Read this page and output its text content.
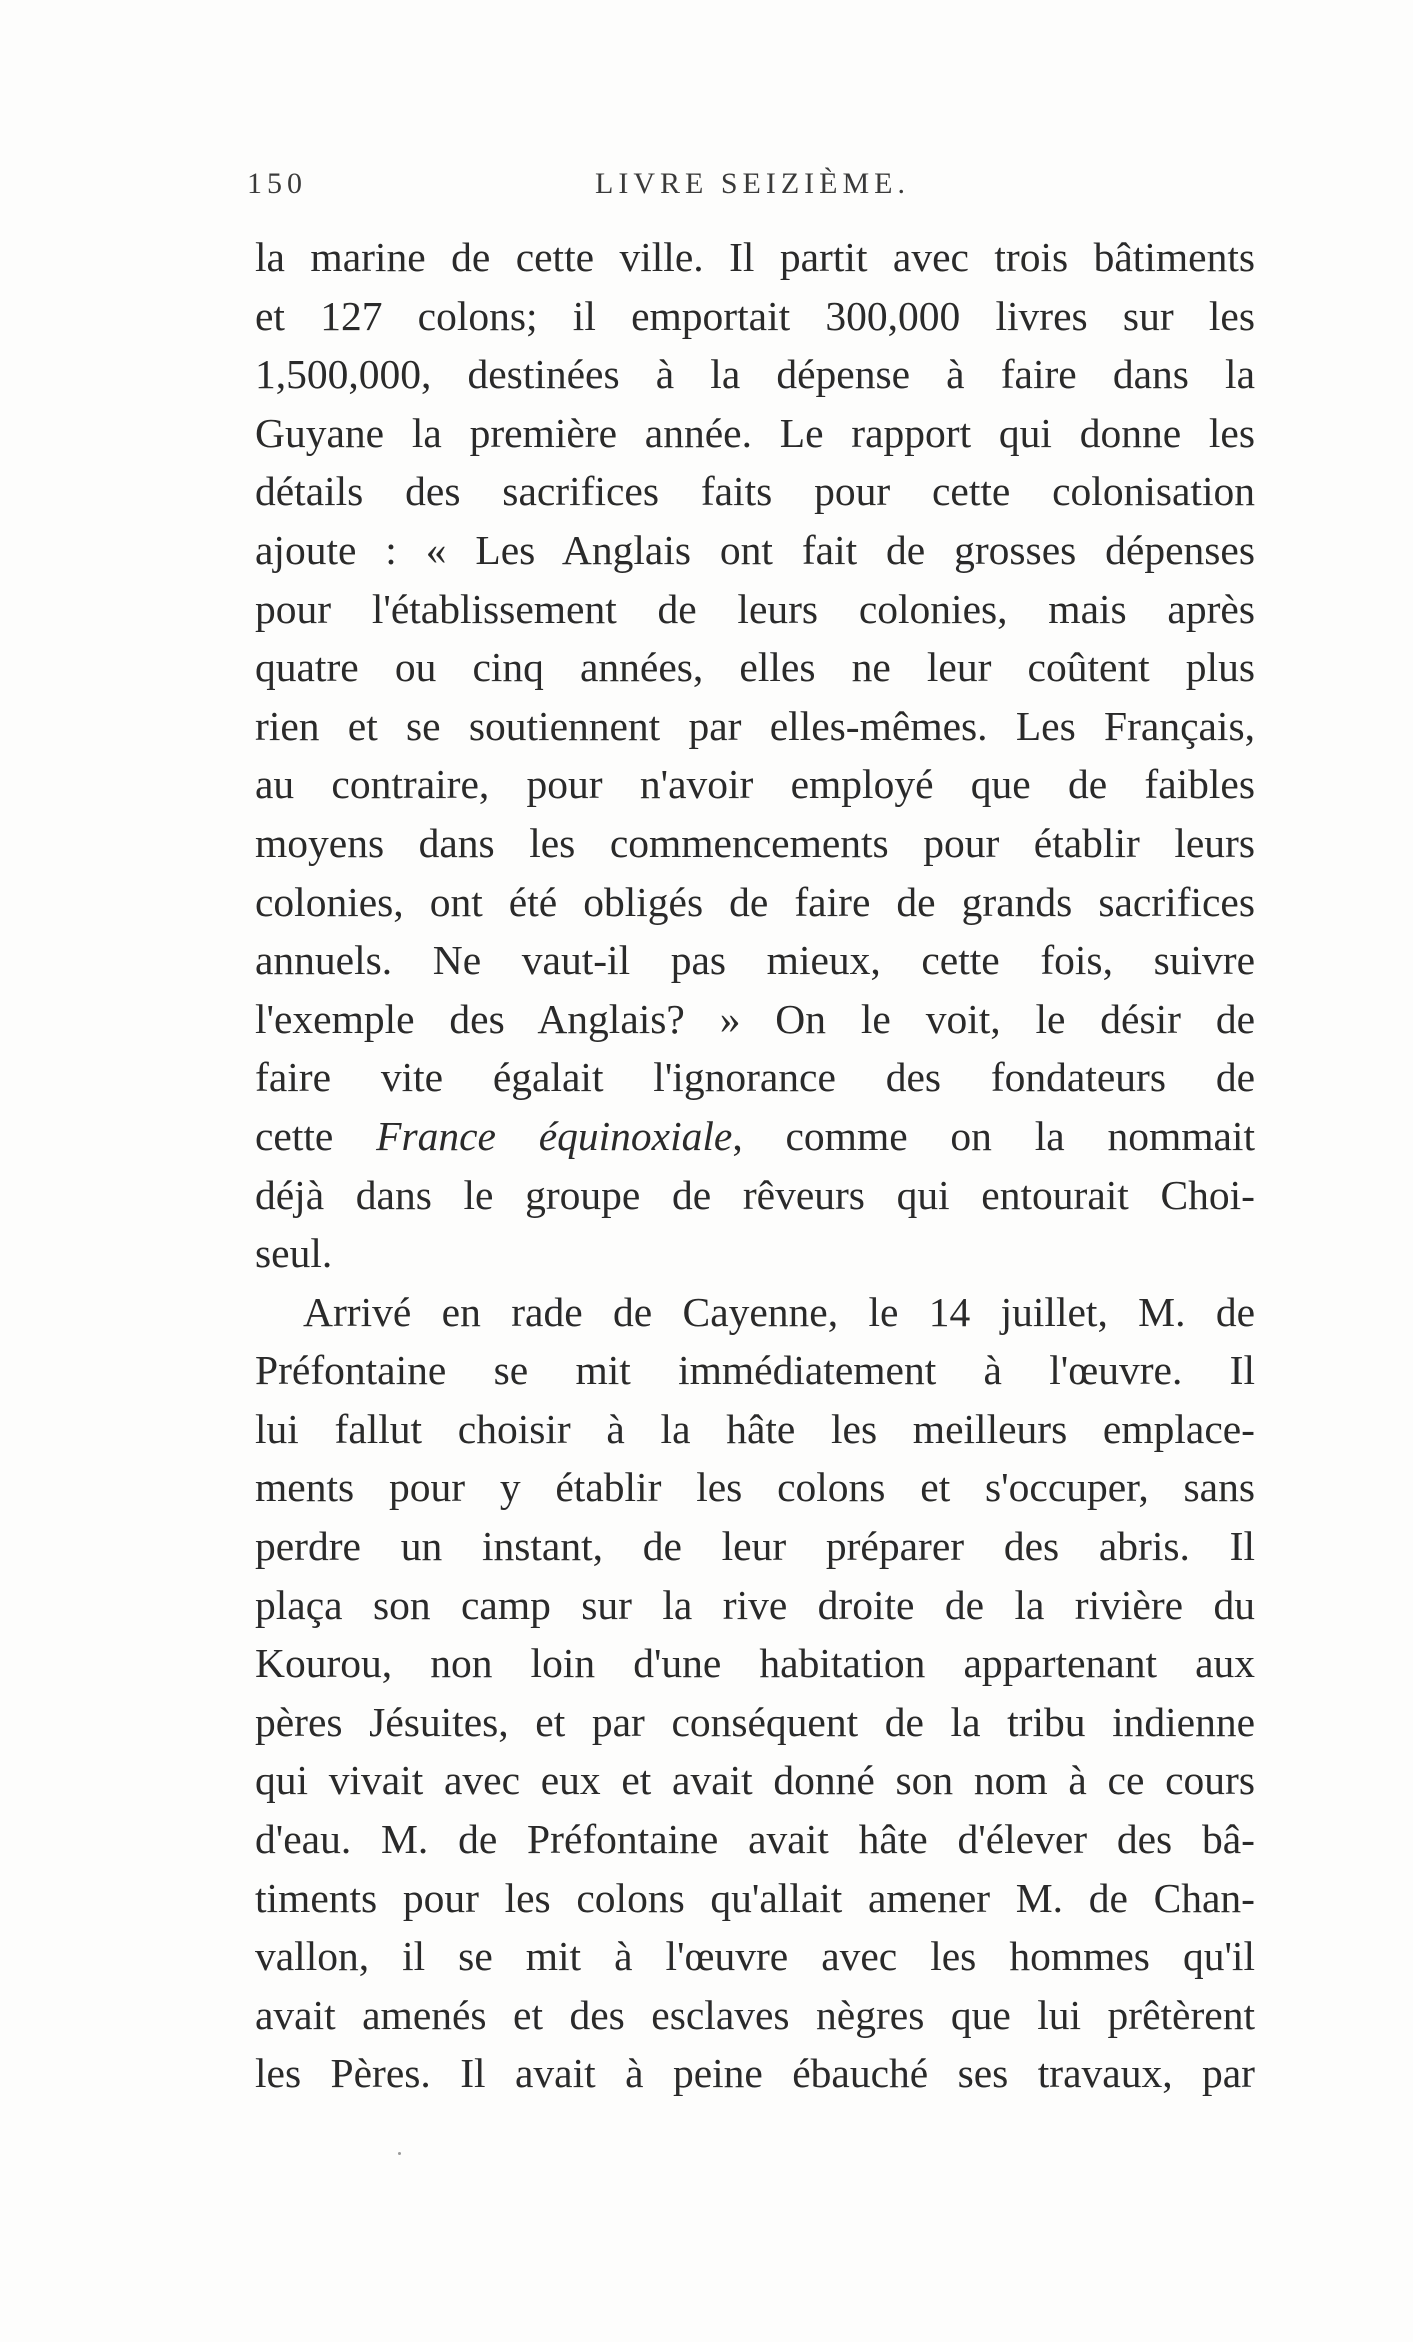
150	LIVRE SEIZIÈME.
la marine de cette ville. Il partit avec trois bâtiments
et 127 colons; il emportait 300,000 livres sur les
1,500,000, destinées à la dépense à faire dans la
Guyane la première année. Le rapport qui donne les
détails des sacrifices faits pour cette colonisation
ajoute : « Les Anglais ont fait de grosses dépenses
pour l'établissement de leurs colonies, mais après
quatre ou cinq années, elles ne leur coûtent plus
rien et se soutiennent par elles-mêmes. Les Français,
au contraire, pour n'avoir employé que de faibles
moyens dans les commencements pour établir leurs
colonies, ont été obligés de faire de grands sacrifices
annuels. Ne vaut-il pas mieux, cette fois, suivre
l'exemple des Anglais? » On le voit, le désir de
faire vite égalait l'ignorance des fondateurs de
cette France équinoxiale, comme on la nommait
déjà dans le groupe de rêveurs qui entourait Choi-
seul.
Arrivé en rade de Cayenne, le 14 juillet, M. de
Préfontaine se mit immédiatement à l'œuvre. Il
lui fallut choisir à la hâte les meilleurs emplace-
ments pour y établir les colons et s'occuper, sans
perdre un instant, de leur préparer des abris. Il
plaça son camp sur la rive droite de la rivière du
Kourou, non loin d'une habitation appartenant aux
pères Jésuites, et par conséquent de la tribu indienne
qui vivait avec eux et avait donné son nom à ce cours
d'eau. M. de Préfontaine avait hâte d'élever des bâ-
timents pour les colons qu'allait amener M. de Chan-
vallon, il se mit à l'œuvre avec les hommes qu'il
avait amenés et des esclaves nègres que lui prêtèrent
les Pères. Il avait à peine ébauché ses travaux, par
